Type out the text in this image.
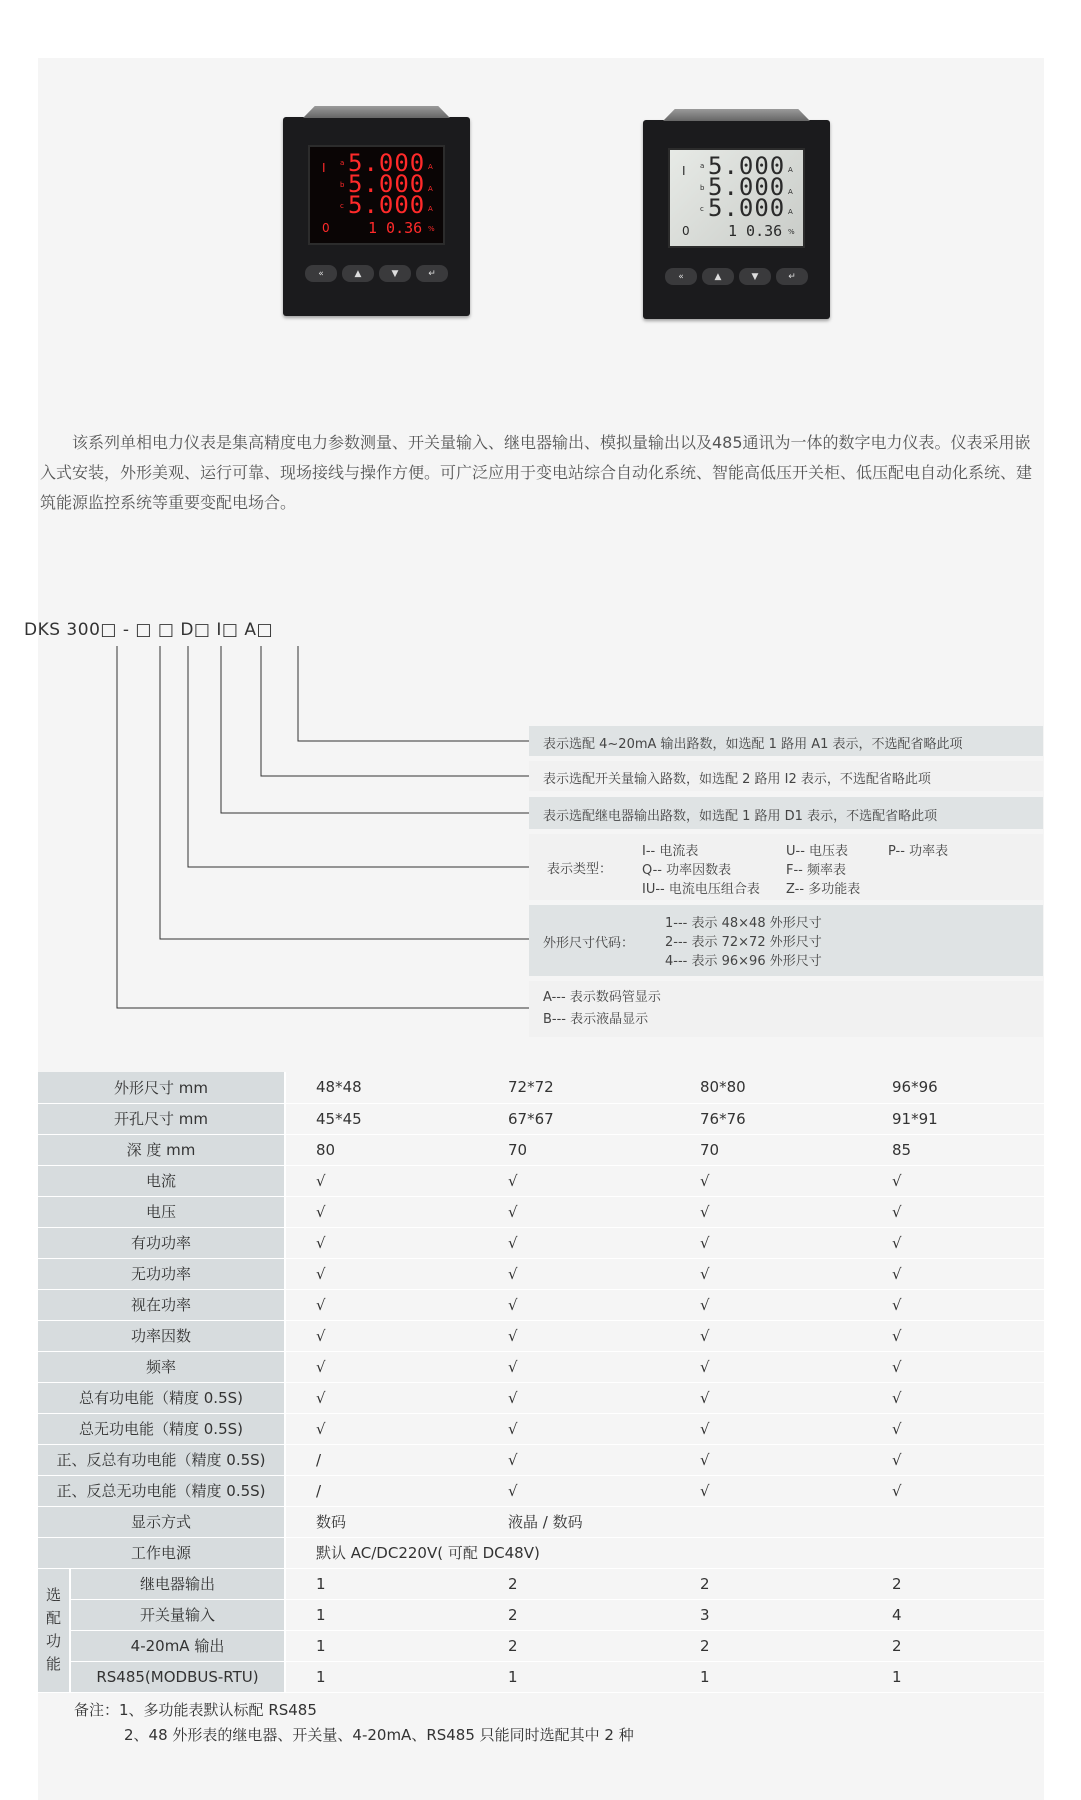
I a 5.000 A
b 5.000 A
c 5.000 A
0	1 0.36 %
«	▲	▼	↵
I a 5.000 A
b 5.000 A
c 5.000 A
0	1 0.36 %
«	▲	▼	↵

该系列单相电力仪表是集高精度电力参数测量、开关量输入、继电器输出、模拟量输出以及485通讯为一体的数字电力仪表。仪表采用嵌入式安装，外形美观、运行可靠、现场接线与操作方便。可广泛应用于变电站综合自动化系统、智能高低压开关柜、低压配电自动化系统、建筑能源监控系统等重要变配电场合。

DKS 300□ - □ □ D□ I□ A□
表示选配 4~20mA 输出路数，如选配 1 路用 A1 表示，不选配省略此项
表示选配开关量输入路数，如选配 2 路用 I2 表示，不选配省略此项
表示选配继电器输出路数，如选配 1 路用 D1 表示，不选配省略此项
表示类型：
I-- 电流表	U-- 电压表	P-- 功率表
Q-- 功率因数表	F-- 频率表
IU-- 电流电压组合表 Z-- 多功能表
外形尺寸代码：
1--- 表示 48×48 外形尺寸
2--- 表示 72×72 外形尺寸
4--- 表示 96×96 外形尺寸
A--- 表示数码管显示
B--- 表示液晶显示
外形尺寸 mm		48*48	72*72	80*80	96*96
开孔尺寸 mm		45*45	67*67	76*76	91*91
深 度 mm		80	70	70	85
电流		√	√	√	√
电压		√	√	√	√
有功功率		√	√	√	√
无功功率		√	√	√	√
视在功率		√	√	√	√
功率因数		√	√	√	√
频率		√	√	√	√
总有功电能（精度 0.5S)		√	√	√	√
总无功电能（精度 0.5S)		√	√	√	√
正、反总有功电能（精度 0.5S)		/	√	√	√
正、反总无功电能（精度 0.5S)		/	√	√	√
显示方式		数码	液晶 / 数码		
工作电源		默认 AC/DC220V( 可配 DC48V)			

选
配
功
能	继电器输出	1	2	2	2
	开关量输入	1	2	3	4
	4-20mA 输出	1	2	2	2
	RS485(MODBUS-RTU)	1	1	1	1
备注：1、多功能表默认标配 RS485
2、48 外形表的继电器、开关量、4-20mA、RS485 只能同时选配其中 2 种
